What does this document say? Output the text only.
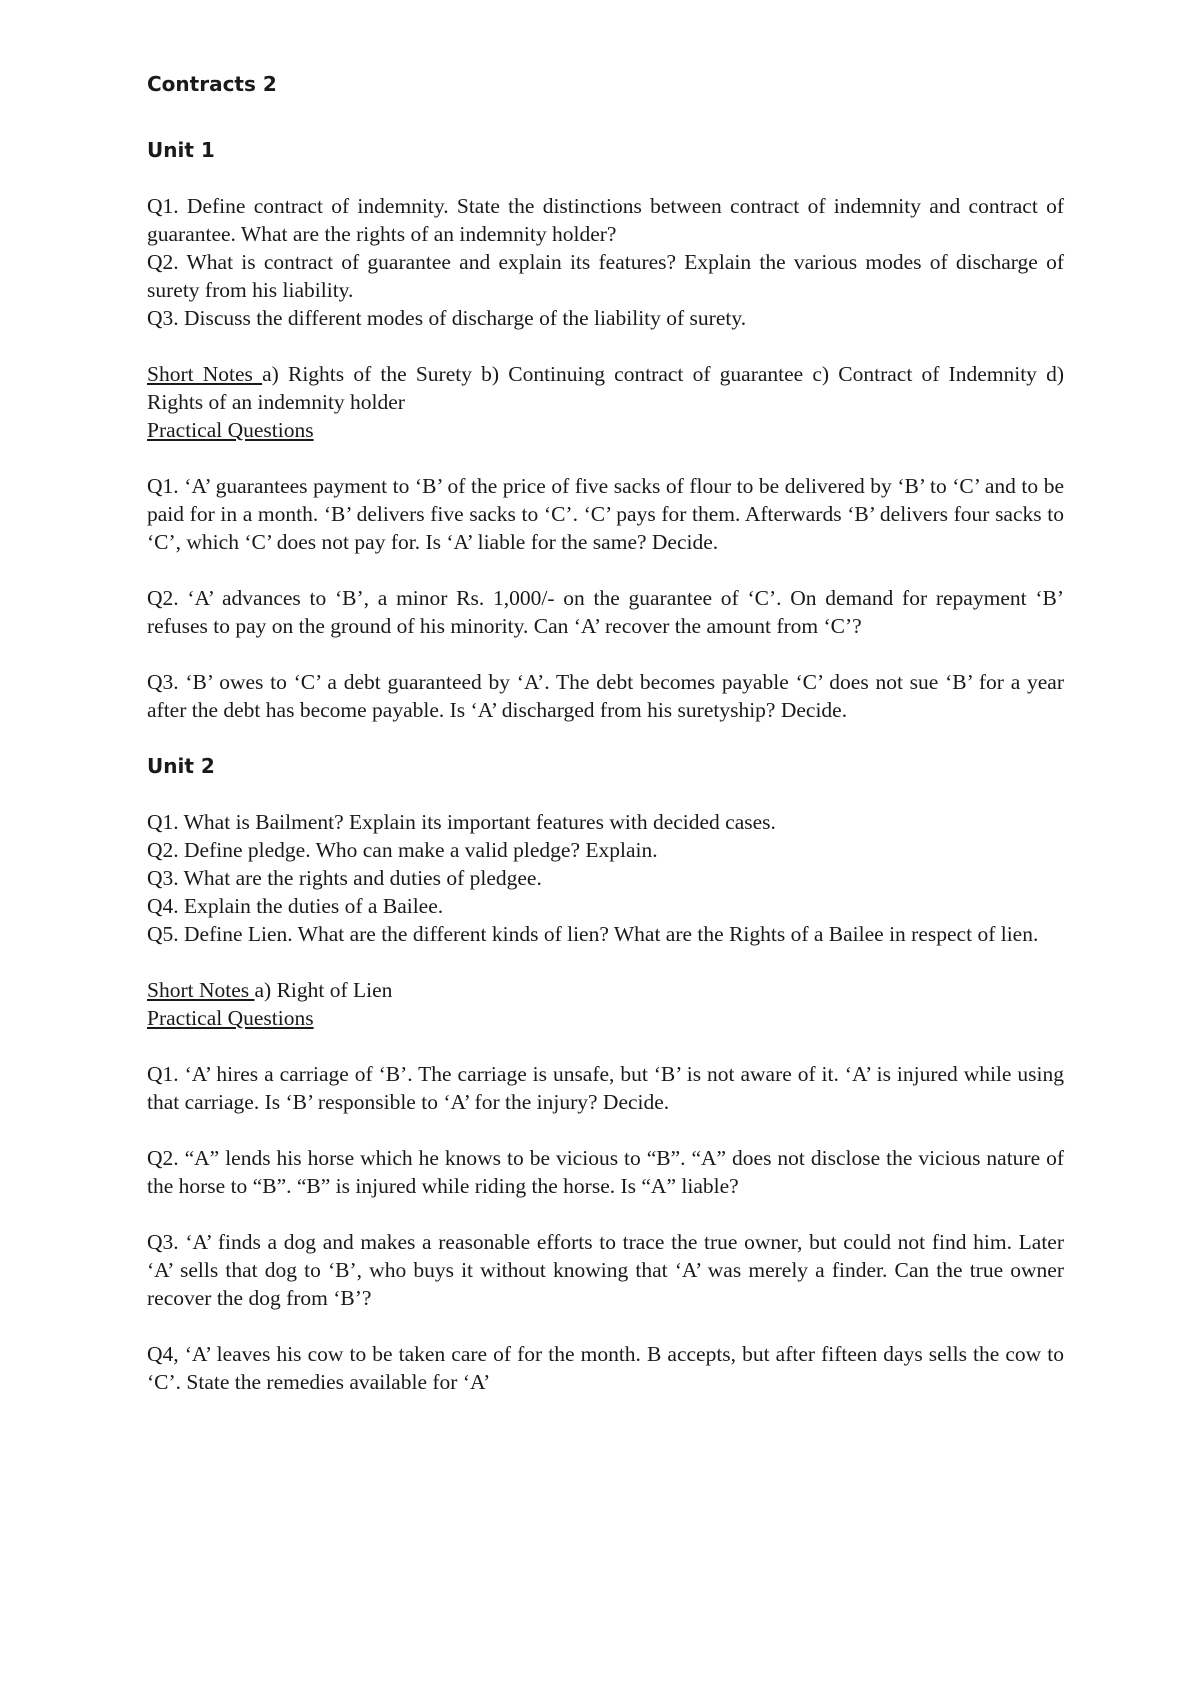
Contracts 2
Unit 1

Q1. Define contract of indemnity. State the distinctions between contract of indemnity and contract of guarantee. What are the rights of an indemnity holder?

Q2. What is contract of guarantee and explain its features? Explain the various modes of discharge of surety from his liability.

Q3. Discuss the different modes of discharge of the liability of surety.

Short Notes a) Rights of the Surety b) Continuing contract of guarantee c) Contract of Indemnity d) Rights of an indemnity holder

Practical Questions

Q1. ‘A’ guarantees payment to ‘B’ of the price of five sacks of flour to be delivered by ‘B’ to ‘C’ and to be paid for in a month. ‘B’ delivers five sacks to ‘C’. ‘C’ pays for them. Afterwards ‘B’ delivers four sacks to ‘C’, which ‘C’ does not pay for. Is ‘A’ liable for the same? Decide.

Q2. ‘A’ advances to ‘B’, a minor Rs. 1,000/- on the guarantee of ‘C’. On demand for repayment ‘B’ refuses to pay on the ground of his minority. Can ‘A’ recover the amount from ‘C’?

Q3. ‘B’ owes to ‘C’ a debt guaranteed by ‘A’. The debt becomes payable ‘C’ does not sue ‘B’ for a year after the debt has become payable. Is ‘A’ discharged from his suretyship? Decide.

Unit 2

Q1. What is Bailment? Explain its important features with decided cases.

Q2. Define pledge. Who can make a valid pledge? Explain.

Q3. What are the rights and duties of pledgee.

Q4. Explain the duties of a Bailee.

Q5. Define Lien. What are the different kinds of lien? What are the Rights of a Bailee in respect of lien.

Short Notes a) Right of Lien

Practical Questions

Q1. ‘A’ hires a carriage of ‘B’. The carriage is unsafe, but ‘B’ is not aware of it. ‘A’ is injured while using that carriage. Is ‘B’ responsible to ‘A’ for the injury? Decide.

Q2. “A” lends his horse which he knows to be vicious to “B”. “A” does not disclose the vicious nature of the horse to “B”. “B” is injured while riding the horse. Is “A” liable?

Q3. ‘A’ finds a dog and makes a reasonable efforts to trace the true owner, but could not find him. Later ‘A’ sells that dog to ‘B’, who buys it without knowing that ‘A’ was merely a finder. Can the true owner recover the dog from ‘B’?

Q4, ‘A’ leaves his cow to be taken care of for the month. B accepts, but after fifteen days sells the cow to ‘C’. State the remedies available for ‘A’
